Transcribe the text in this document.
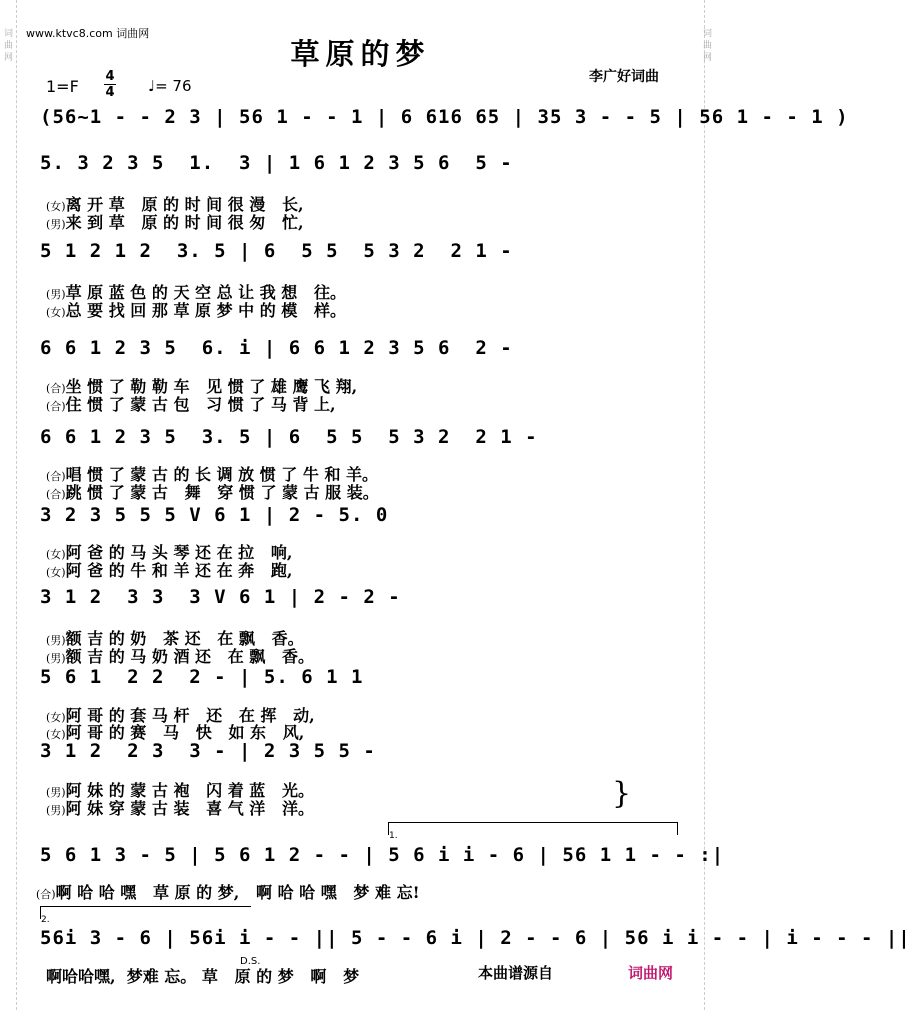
词
曲
网
词
曲
网
www.ktvc8.com 词曲网
草原的梦
李广好词曲
1=F
4
4 ♩= 76
(56~1 - - 2 3 | 56 1 - - 1 | 6 616 65 | 35 3 - - 5 | 56 1 - - 1 )
5. 3 2 3 5  1.  3 | 1 6 1 2 3 5 6  5 -
(女)离 开 草   原 的 时 间 很 漫   长,
(男)来 到 草   原 的 时 间 很 匆   忙,
5 1 2 1 2  3. 5 | 6  5 5  5 3 2  2 1 -
(男)草 原 蓝 色 的 天 空 总 让 我 想   往。
(女)总 要 找 回 那 草 原 梦 中 的 模   样。
6 6 1 2 3 5  6. i | 6 6 1 2 3 5 6  2 -
(合)坐 惯 了 勒 勒 车   见 惯 了 雄 鹰 飞 翔,
(合)住 惯 了 蒙 古 包   习 惯 了 马 背 上,
6 6 1 2 3 5  3. 5 | 6  5 5  5 3 2  2 1 -
(合)唱 惯 了 蒙 古 的 长 调 放 惯 了 牛 和 羊。
(合)跳 惯 了 蒙 古   舞   穿 惯 了 蒙 古 服 装。
3 2 3 5 5 5 V 6 1 | 2 - 5. 0
(女)阿 爸 的 马 头 琴 还 在 拉   响,
(女)阿 爸 的 牛 和 羊 还 在 奔   跑,
3 1 2  3 3  3 V 6 1 | 2 - 2 -
(男)额 吉 的 奶   茶 还   在 飘   香。
(男)额 吉 的 马 奶 酒 还   在 飘   香。
5 6 1  2 2  2 - | 5. 6 1 1
(女)阿 哥 的 套 马 杆   还   在 挥   动,
(女)阿 哥 的 赛   马   快   如 东   风,
3 1 2  2 3  3 - | 2 3 5 5 -
(男)阿 妹 的 蒙 古 袍   闪 着 蓝   光。
(男)阿 妹 穿 蒙 古 装   喜 气 洋   洋。	}
1.
5 6 1 3 - 5 | 5 6 1 2 - - | 5 6 i i - 6 | 56 1 1 - - :|
(合)啊 哈 哈 嘿   草 原 的 梦,   啊 哈 哈 嘿   梦 难 忘!
2.
56i 3 - 6 | 56i i - - || 5 - - 6 i | 2 - - 6 | 56 i i - - | i - - - ||
D.S.
啊哈哈嘿,  梦难 忘。 草   原 的 梦   啊   梦	本曲谱源自	词曲网
